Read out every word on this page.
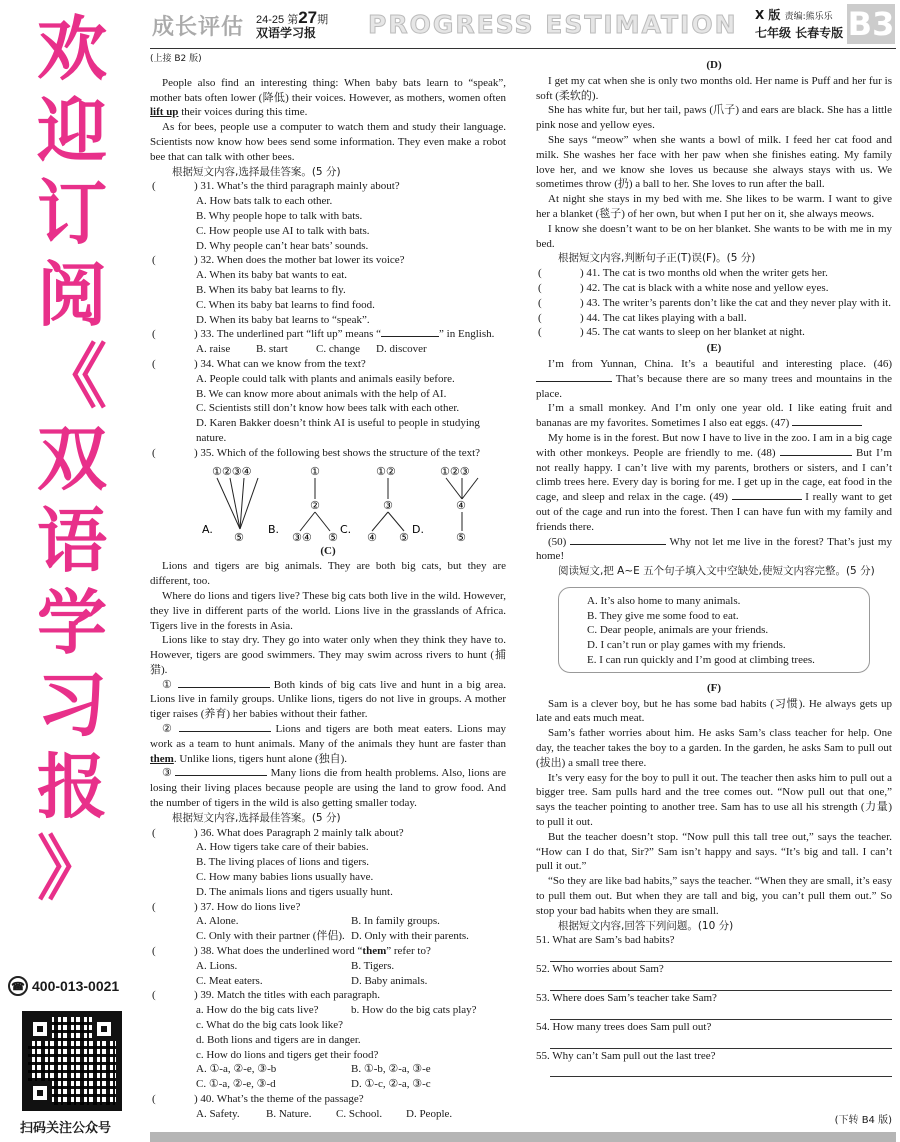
欢
迎
订
阅
《
双
语
学
习
报
》
☎ 400-013-0021
扫码关注公众号
成长评估 24-25 第27期
双语学习报 PROGRESS ESTIMATION X 版 责编:熊乐乐
七年级 长春专版 B3
(上接 B2 版)

People also find an interesting thing: When baby bats learn to “speak”, mother bats often lower (降低) their voices. However, as mothers, women often lift up their voices during this time.

As for bees, people use a computer to watch them and study their language. Scientists now know how bees send some information. They even make a robot bee that can talk with other bees.

根据短文内容,选择最佳答案。(5 分)
(	) 31. What’s the third paragraph mainly about?
A. How bats talk to each other.
B. Why people hope to talk with bats.
C. How people use AI to talk with bats.
D. Why people can’t hear bats’ sounds.
(	) 32. When does the mother bat lower its voice?
A. When its baby bat wants to eat.
B. When its baby bat learns to fly.
C. When its baby bat learns to find food.
D. When its baby bat learns to “speak”.
(	) 33. The underlined part “lift up” means “	” in English.
A. raise	B. start	C. change	D. discover
(	) 34. What can we know from the text?
A. People could talk with plants and animals easily before.
B. We can know more about animals with the help of AI.
C. Scientists still don’t know how bees talk with each other.
D. Karen Bakker doesn’t think AI is useful to people in studying nature.
(	) 35. Which of the following best shows the structure of the text?
A.
①②③④
⑤
B.
①
②
③④ ⑤
C.
①②
③
④ ⑤
D.
①②③
④
⑤
(C)

Lions and tigers are big animals. They are both big cats, but they are different, too.

Where do lions and tigers live? These big cats both live in the wild. However, they live in different parts of the world. Lions live in the grasslands of Africa. Tigers live in the forests in Asia.

Lions like to stay dry. They go into water only when they think they have to. However, tigers are good swimmers. They may swim across rivers to hunt (捕猎).

①	Both kinds of big cats live and hunt in a big area. Lions live in family groups. Unlike lions, tigers do not live in groups. A mother tiger raises (养育) her babies without their father.

②	Lions and tigers are both meat eaters. Lions may work as a team to hunt animals. Many of the animals they hunt are faster than them. Unlike lions, tigers hunt alone (独自).

③	Many lions die from health problems. Also, lions are losing their living places because people are using the land to grow food. And the number of tigers in the wild is also getting smaller today.

根据短文内容,选择最佳答案。(5 分)
(	) 36. What does Paragraph 2 mainly talk about?
A. How tigers take care of their babies.
B. The living places of lions and tigers.
C. How many babies lions usually have.
D. The animals lions and tigers usually hunt.
(	) 37. How do lions live?
A. Alone.	B. In family groups.
C. Only with their partner (伴侣). D. Only with their parents.
(	) 38. What does the underlined word “them” refer to?
A. Lions.	B. Tigers.
C. Meat eaters.	D. Baby animals.
(	) 39. Match the titles with each paragraph.
a. How do the big cats live?	b. How do the big cats play?
c. What do the big cats look like?
d. Both lions and tigers are in danger.
c. How do lions and tigers get their food?
A. ①-a, ②-e, ③-b	B. ①-b, ②-a, ③-e
C. ①-a, ②-e, ③-d	D. ①-c, ②-a, ③-c
(	) 40. What’s the theme of the passage?
A. Safety.	B. Nature.	C. School.	D. People.
(D)

I get my cat when she is only two months old. Her name is Puff and her fur is soft (柔软的).

She has white fur, but her tail, paws (爪子) and ears are black. She has a little pink nose and yellow eyes.

She says “meow” when she wants a bowl of milk. I feed her cat food and milk. She washes her face with her paw when she finishes eating. My family love her, and we know she loves us because she always stays with us. We sometimes throw (扔) a ball to her. She loves to run after the ball.

At night she stays in my bed with me. She likes to be warm. I want to give her a blanket (毯子) of her own, but when I put her on it, she always meows.

I know she doesn’t want to be on her blanket. She wants to be with me in my bed.

根据短文内容,判断句子正(T)误(F)。(5 分)
(	) 41. The cat is two months old when the writer gets her.
(	) 42. The cat is black with a white nose and yellow eyes.
(	) 43. The writer’s parents don’t like the cat and they never play with it.
(	) 44. The cat likes playing with a ball.
(	) 45. The cat wants to sleep on her blanket at night.
(E)

I’m from Yunnan, China. It’s a beautiful and interesting place. (46)  That’s because there are so many trees and mountains in the place.

I’m a small monkey. And I’m only one year old. I like eating fruit and bananas are my favorites. Sometimes I also eat eggs. (47)

My home is in the forest. But now I have to live in the zoo. I am in a big cage with other monkeys. People are friendly to me. (48)	But I’m not really happy. I can’t live with my parents, brothers or sisters, and I can’t climb trees here. Every day is boring for me. I get up in the cage, eat food in the cage, and sleep and relax in the cage. (49)	I really want to get out of the cage and run into the forest. Then I can have fun with my family and friends there.

(50)	Why not let me live in the forest? That’s just my home!

阅读短文,把 A~E 五个句子填入文中空缺处,使短文内容完整。(5 分)
A. It’s also home to many animals.
B. They give me some food to eat.
C. Dear people, animals are your friends.
D. I can’t run or play games with my friends.
E. I can run quickly and I’m good at climbing trees.
(F)

Sam is a clever boy, but he has some bad habits (习惯). He always gets up late and eats much meat.

Sam’s father worries about him. He asks Sam’s class teacher for help. One day, the teacher takes the boy to a garden. In the garden, he asks Sam to pull out (拔出) a small tree there.

It’s very easy for the boy to pull it out. The teacher then asks him to pull out a bigger tree. Sam pulls hard and the tree comes out. “Now pull out that one,” says the teacher pointing to another tree. Sam has to use all his strength (力量) to pull it out.

But the teacher doesn’t stop. “Now pull this tall tree out,” says the teacher. “How can I do that, Sir?” Sam isn’t happy and says. “It’s big and tall. I can’t pull it out.”

“So they are like bad habits,” says the teacher. “When they are small, it’s easy to pull them out. But when they are tall and big, you can’t pull them out.” So stop your bad habits when they are small.

根据短文内容,回答下列问题。(10 分)
51. What are Sam’s bad habits?
52. Who worries about Sam?
53. Where does Sam’s teacher take Sam?
54. How many trees does Sam pull out?
55. Why can’t Sam pull out the last tree?
(下转 B4 版)
